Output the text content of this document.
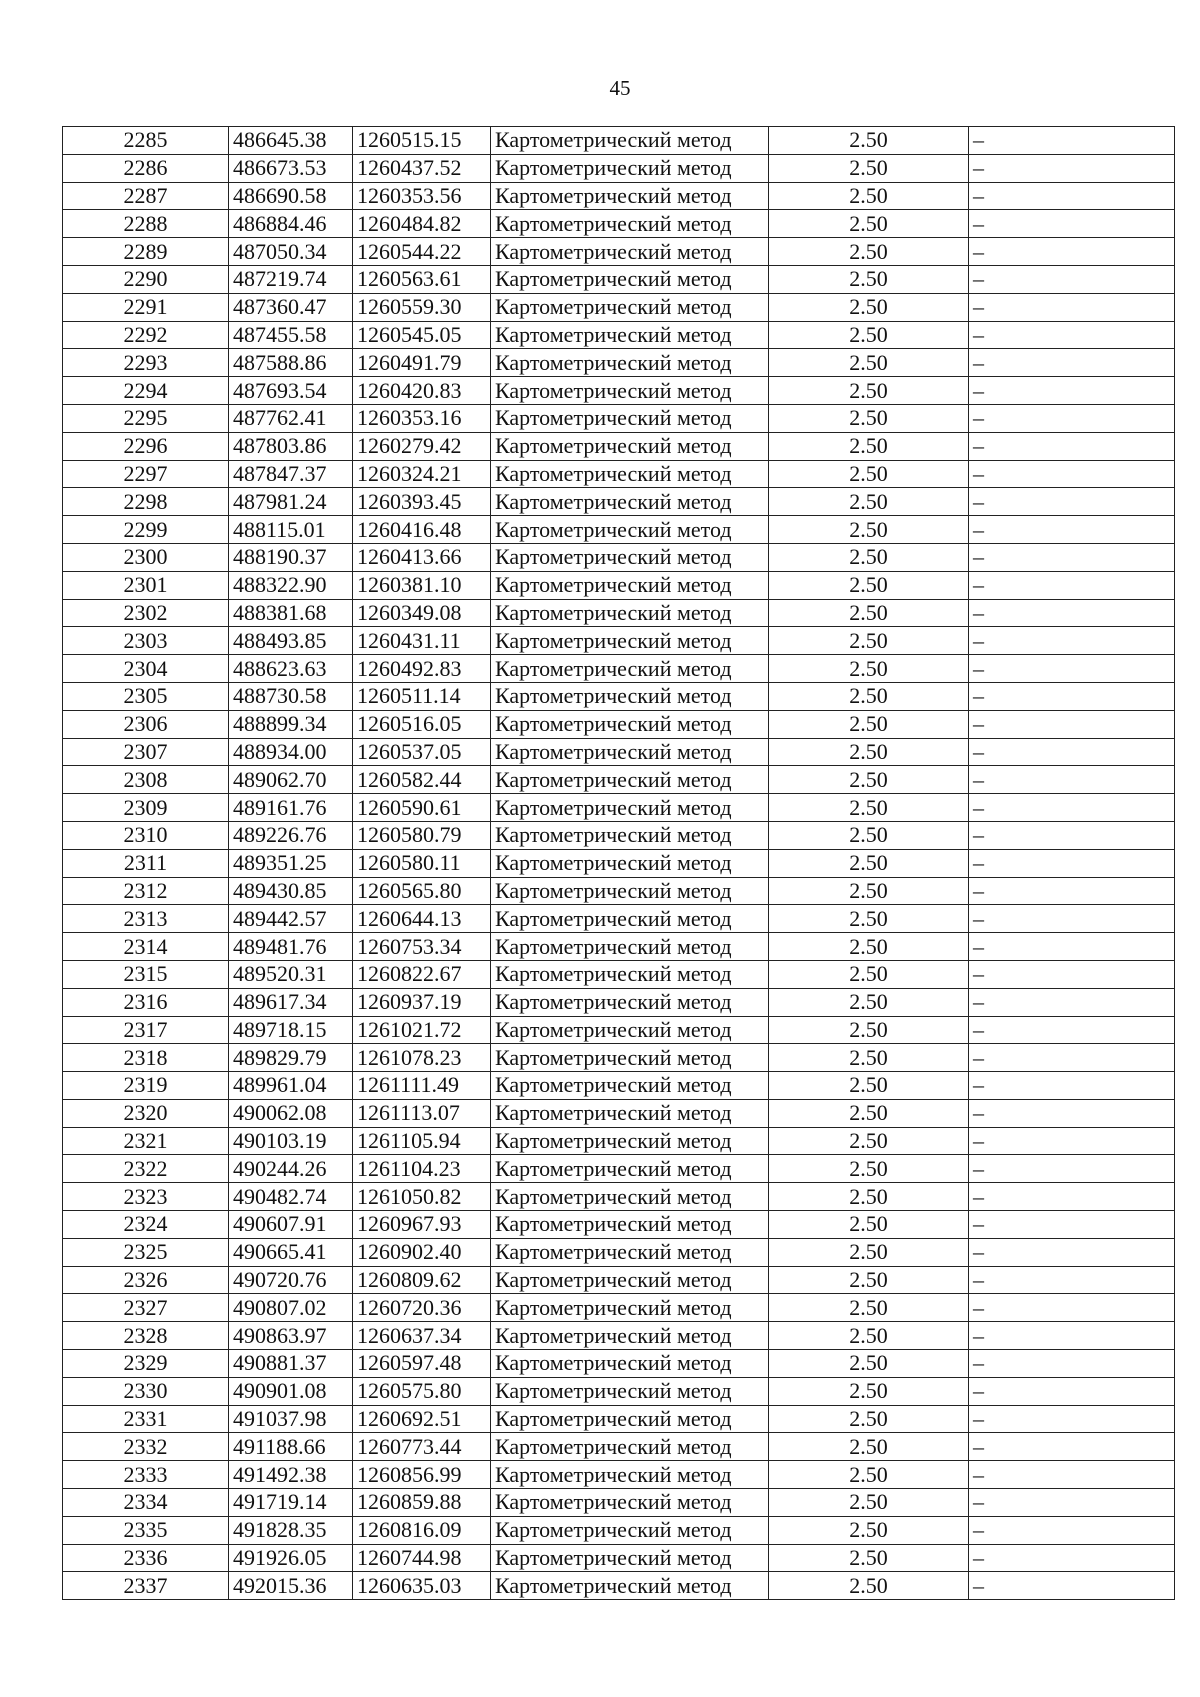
45
2285	486645.38	1260515.15	Картометрический метод	2.50	–
2286	486673.53	1260437.52	Картометрический метод	2.50	–
2287	486690.58	1260353.56	Картометрический метод	2.50	–
2288	486884.46	1260484.82	Картометрический метод	2.50	–
2289	487050.34	1260544.22	Картометрический метод	2.50	–
2290	487219.74	1260563.61	Картометрический метод	2.50	–
2291	487360.47	1260559.30	Картометрический метод	2.50	–
2292	487455.58	1260545.05	Картометрический метод	2.50	–
2293	487588.86	1260491.79	Картометрический метод	2.50	–
2294	487693.54	1260420.83	Картометрический метод	2.50	–
2295	487762.41	1260353.16	Картометрический метод	2.50	–
2296	487803.86	1260279.42	Картометрический метод	2.50	–
2297	487847.37	1260324.21	Картометрический метод	2.50	–
2298	487981.24	1260393.45	Картометрический метод	2.50	–
2299	488115.01	1260416.48	Картометрический метод	2.50	–
2300	488190.37	1260413.66	Картометрический метод	2.50	–
2301	488322.90	1260381.10	Картометрический метод	2.50	–
2302	488381.68	1260349.08	Картометрический метод	2.50	–
2303	488493.85	1260431.11	Картометрический метод	2.50	–
2304	488623.63	1260492.83	Картометрический метод	2.50	–
2305	488730.58	1260511.14	Картометрический метод	2.50	–
2306	488899.34	1260516.05	Картометрический метод	2.50	–
2307	488934.00	1260537.05	Картометрический метод	2.50	–
2308	489062.70	1260582.44	Картометрический метод	2.50	–
2309	489161.76	1260590.61	Картометрический метод	2.50	–
2310	489226.76	1260580.79	Картометрический метод	2.50	–
2311	489351.25	1260580.11	Картометрический метод	2.50	–
2312	489430.85	1260565.80	Картометрический метод	2.50	–
2313	489442.57	1260644.13	Картометрический метод	2.50	–
2314	489481.76	1260753.34	Картометрический метод	2.50	–
2315	489520.31	1260822.67	Картометрический метод	2.50	–
2316	489617.34	1260937.19	Картометрический метод	2.50	–
2317	489718.15	1261021.72	Картометрический метод	2.50	–
2318	489829.79	1261078.23	Картометрический метод	2.50	–
2319	489961.04	1261111.49	Картометрический метод	2.50	–
2320	490062.08	1261113.07	Картометрический метод	2.50	–
2321	490103.19	1261105.94	Картометрический метод	2.50	–
2322	490244.26	1261104.23	Картометрический метод	2.50	–
2323	490482.74	1261050.82	Картометрический метод	2.50	–
2324	490607.91	1260967.93	Картометрический метод	2.50	–
2325	490665.41	1260902.40	Картометрический метод	2.50	–
2326	490720.76	1260809.62	Картометрический метод	2.50	–
2327	490807.02	1260720.36	Картометрический метод	2.50	–
2328	490863.97	1260637.34	Картометрический метод	2.50	–
2329	490881.37	1260597.48	Картометрический метод	2.50	–
2330	490901.08	1260575.80	Картометрический метод	2.50	–
2331	491037.98	1260692.51	Картометрический метод	2.50	–
2332	491188.66	1260773.44	Картометрический метод	2.50	–
2333	491492.38	1260856.99	Картометрический метод	2.50	–
2334	491719.14	1260859.88	Картометрический метод	2.50	–
2335	491828.35	1260816.09	Картометрический метод	2.50	–
2336	491926.05	1260744.98	Картометрический метод	2.50	–
2337	492015.36	1260635.03	Картометрический метод	2.50	–
